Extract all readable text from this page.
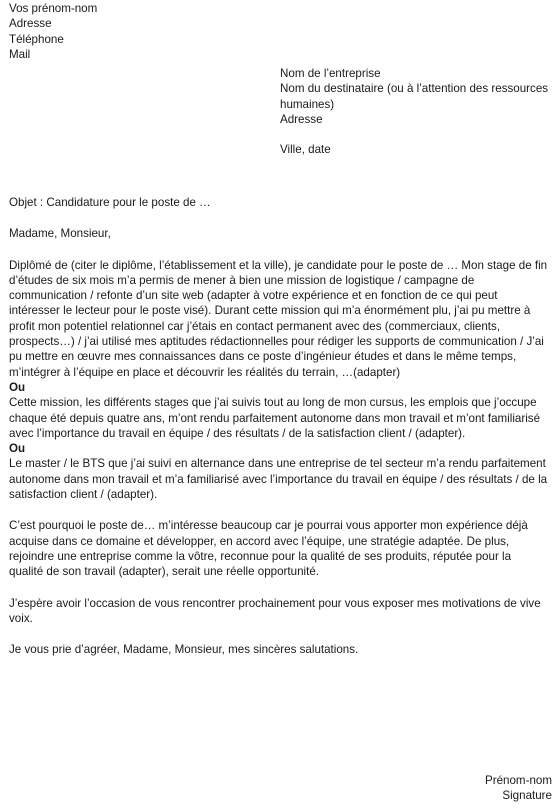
Vos prénom-nom
Adresse
Téléphone
Mail
Nom de l’entreprise
Nom du destinataire (ou à l’attention des ressources humaines)
Adresse
Ville, date

Objet : Candidature pour le poste de …

Madame, Monsieur,

Diplômé de (citer le diplôme, l’établissement et la ville), je candidate pour le poste de … Mon stage de fin d’études de six mois m’a permis de mener à bien une mission de logistique / campagne de communication / refonte d’un site web (adapter à votre expérience et en fonction de ce qui peut intéresser le lecteur pour le poste visé). Durant cette mission qui m’a énormément plu, j’ai pu mettre à profit mon potentiel relationnel car j’étais en contact permanent avec des (commerciaux, clients, prospects…) / j’ai utilisé mes aptitudes rédactionnelles pour rédiger les supports de communication / J’ai pu mettre en œuvre mes connaissances dans ce poste d’ingénieur études et dans le même temps, m’intégrer à l’équipe en place et découvrir les réalités du terrain, …(adapter)

Ou

Cette mission, les différents stages que j’ai suivis tout au long de mon cursus, les emplois que j’occupe chaque été depuis quatre ans, m’ont rendu parfaitement autonome dans mon travail et m’ont familiarisé avec l’importance du travail en équipe / des résultats / de la satisfaction client / (adapter).

Ou

Le master / le BTS que j’ai suivi en alternance dans une entreprise de tel secteur m’a rendu parfaitement autonome dans mon travail et m’a familiarisé avec l’importance du travail en équipe / des résultats / de la satisfaction client / (adapter).

C’est pourquoi le poste de… m’intéresse beaucoup car je pourrai vous apporter mon expérience déjà acquise dans ce domaine et développer, en accord avec l’équipe, une stratégie adaptée. De plus, rejoindre une entreprise comme la vôtre, reconnue pour la qualité de ses produits, réputée pour la qualité de son travail (adapter), serait une réelle opportunité.

J’espère avoir l’occasion de vous rencontrer prochainement pour vous exposer mes motivations de vive voix.

Je vous prie d’agréer, Madame, Monsieur, mes sincères salutations.

Prénom-nom
Signature
